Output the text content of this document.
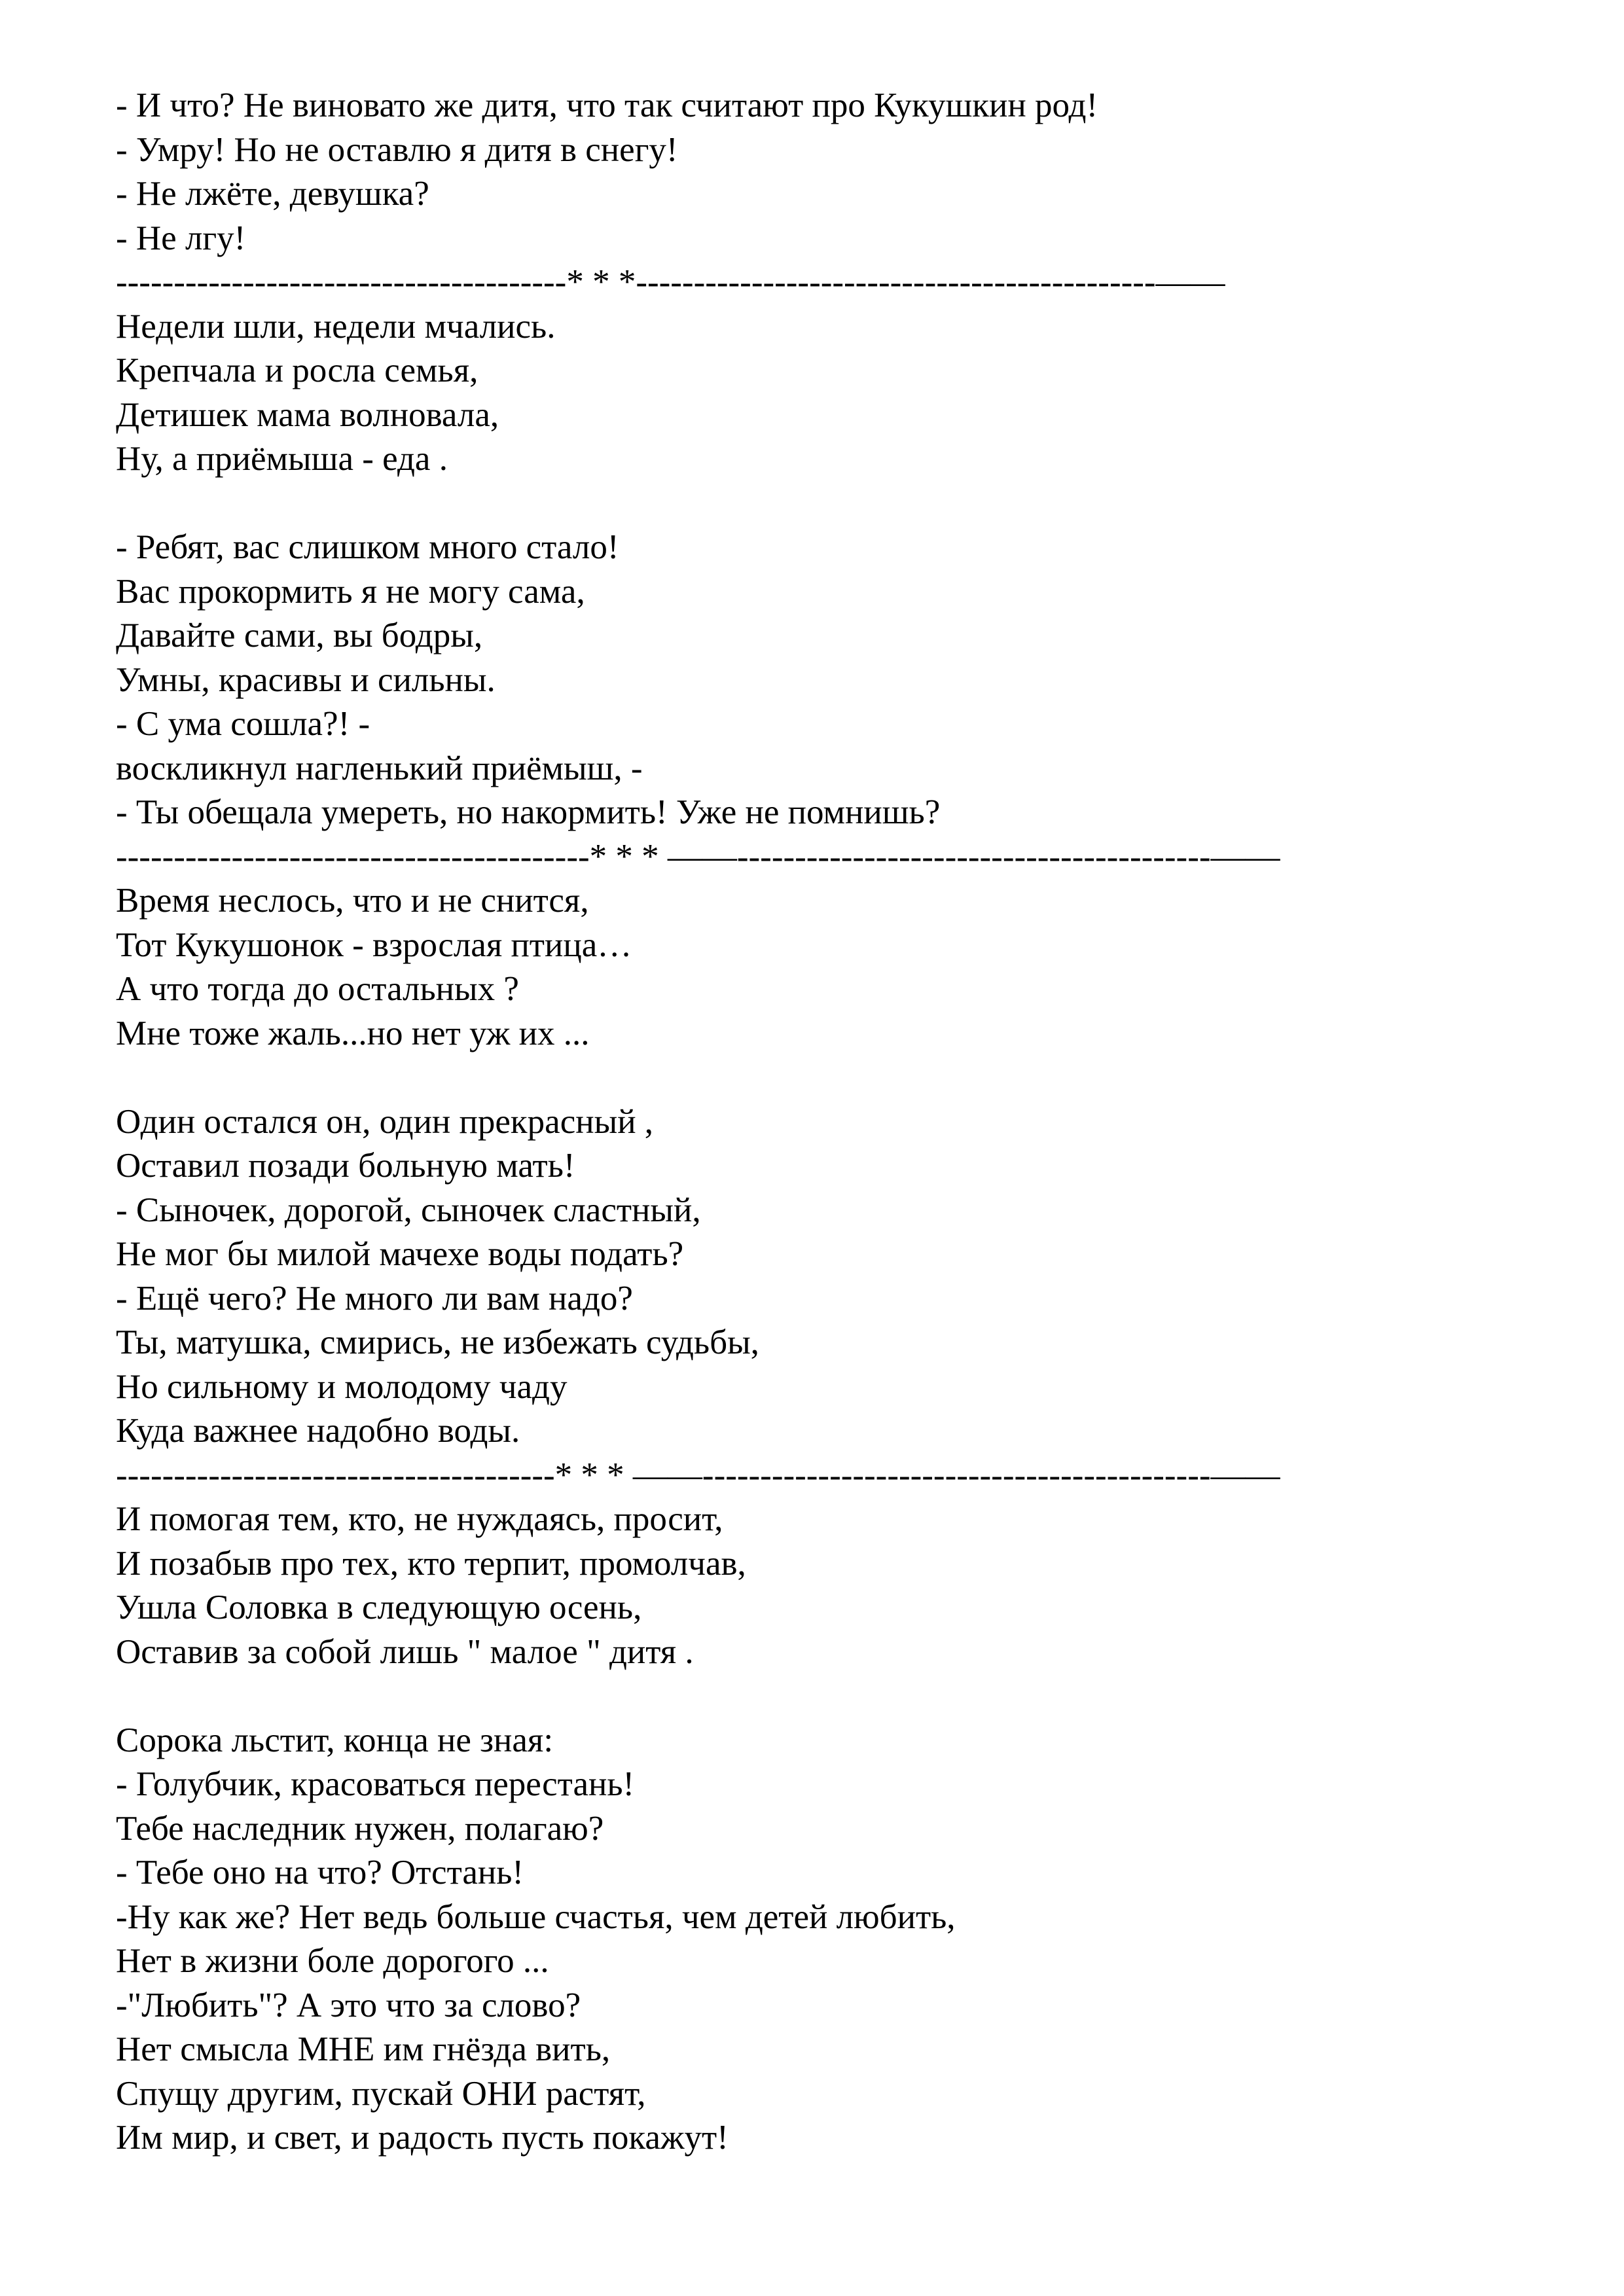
- И что? Не виновато же дитя, что так считают про Кукушкин род!
- Умру! Но не оставлю я дитя в снегу!
- Не лжёте, девушка?
- Не лгу!
---------------------------------------* * *---------------------------------------------——
Недели шли, недели мчались.
Крепчала и росла семья,
Детишек мама волновала,
Ну, а приёмыша - еда .
- Ребят, вас слишком много стало!
Вас прокормить я не могу сама,
Давайте сами, вы бодры,
Умны, красивы и сильны.
- С ума сошла?! -
воскликнул нагленький приёмыш, -
- Ты обещала умереть, но накормить! Уже не помнишь?
-----------------------------------------* * * ——-----------------------------------------——
Время неслось, что и не снится,
Тот Кукушонок - взрослая птица…
А что тогда до остальных ?
Мне тоже жаль...но нет уж их ...
Один остался он, один прекрасный ,
Оставил позади больную мать!
- Сыночек, дорогой, сыночек сластный,
Не мог бы милой мачехе воды подать?
- Ещё чего? Не много ли вам надо?
Ты, матушка, смирись, не избежать судьбы,
Но сильному и молодому чаду
Куда важнее надобно воды.
--------------------------------------* * * ——--------------------------------------------——
И помогая тем, кто, не нуждаясь, просит,
И позабыв про тех, кто терпит, промолчав,
Ушла Соловка в следующую осень,
Оставив за собой лишь " малое " дитя .
Сорока льстит, конца не зная:
- Голубчик, красоваться перестань!
Тебе наследник нужен, полагаю?
- Тебе оно на что? Отстань!
-Ну как же? Нет ведь больше счастья, чем детей любить,
Нет в жизни боле дорогого ...
-"Любить"? А это что за слово?
Нет смысла МНЕ им гнёзда вить,
Спущу другим, пускай ОНИ растят,
Им мир, и свет, и радость пусть покажут!
